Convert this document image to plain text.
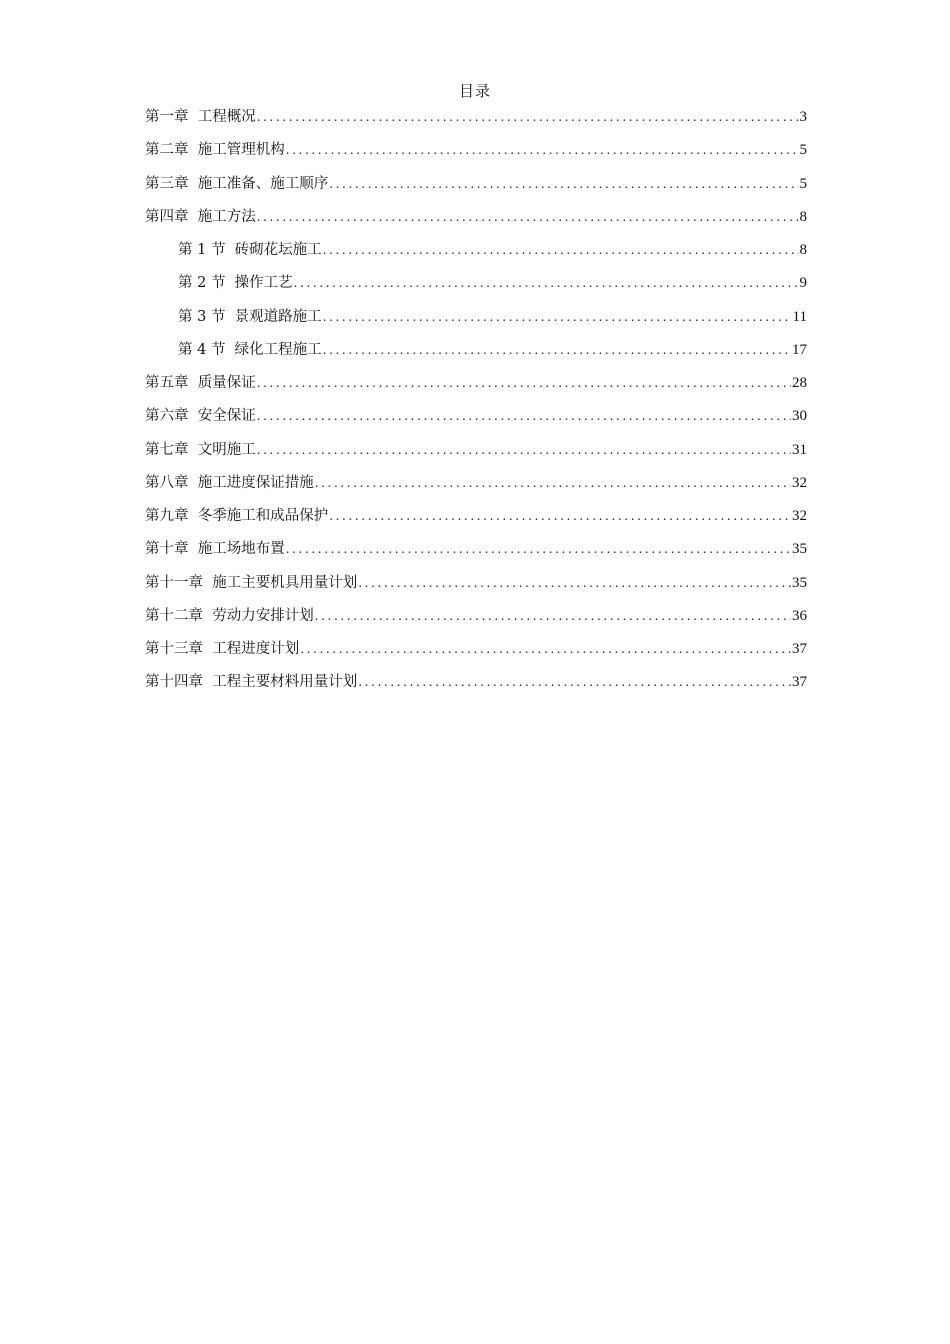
目录
第一章  工程概况 .....	3
第二章  施工管理机构 .....	5
第三章  施工准备、施工顺序 .....	5
第四章  施工方法 .....	8
第 1 节  砖砌花坛施工 .....	8
第 2 节  操作工艺 .....	9
第 3 节  景观道路施工 .....	11
第 4 节  绿化工程施工 .....	17
第五章  质量保证 .....	28
第六章  安全保证 .....	30
第七章  文明施工 .....	31
第八章  施工进度保证措施 .....	32
第九章  冬季施工和成品保护 .....	32
第十章  施工场地布置 .....	35
第十一章  施工主要机具用量计划 .....	35
第十二章  劳动力安排计划 .....	36
第十三章  工程进度计划 .....	37
第十四章  工程主要材料用量计划 .....	37
